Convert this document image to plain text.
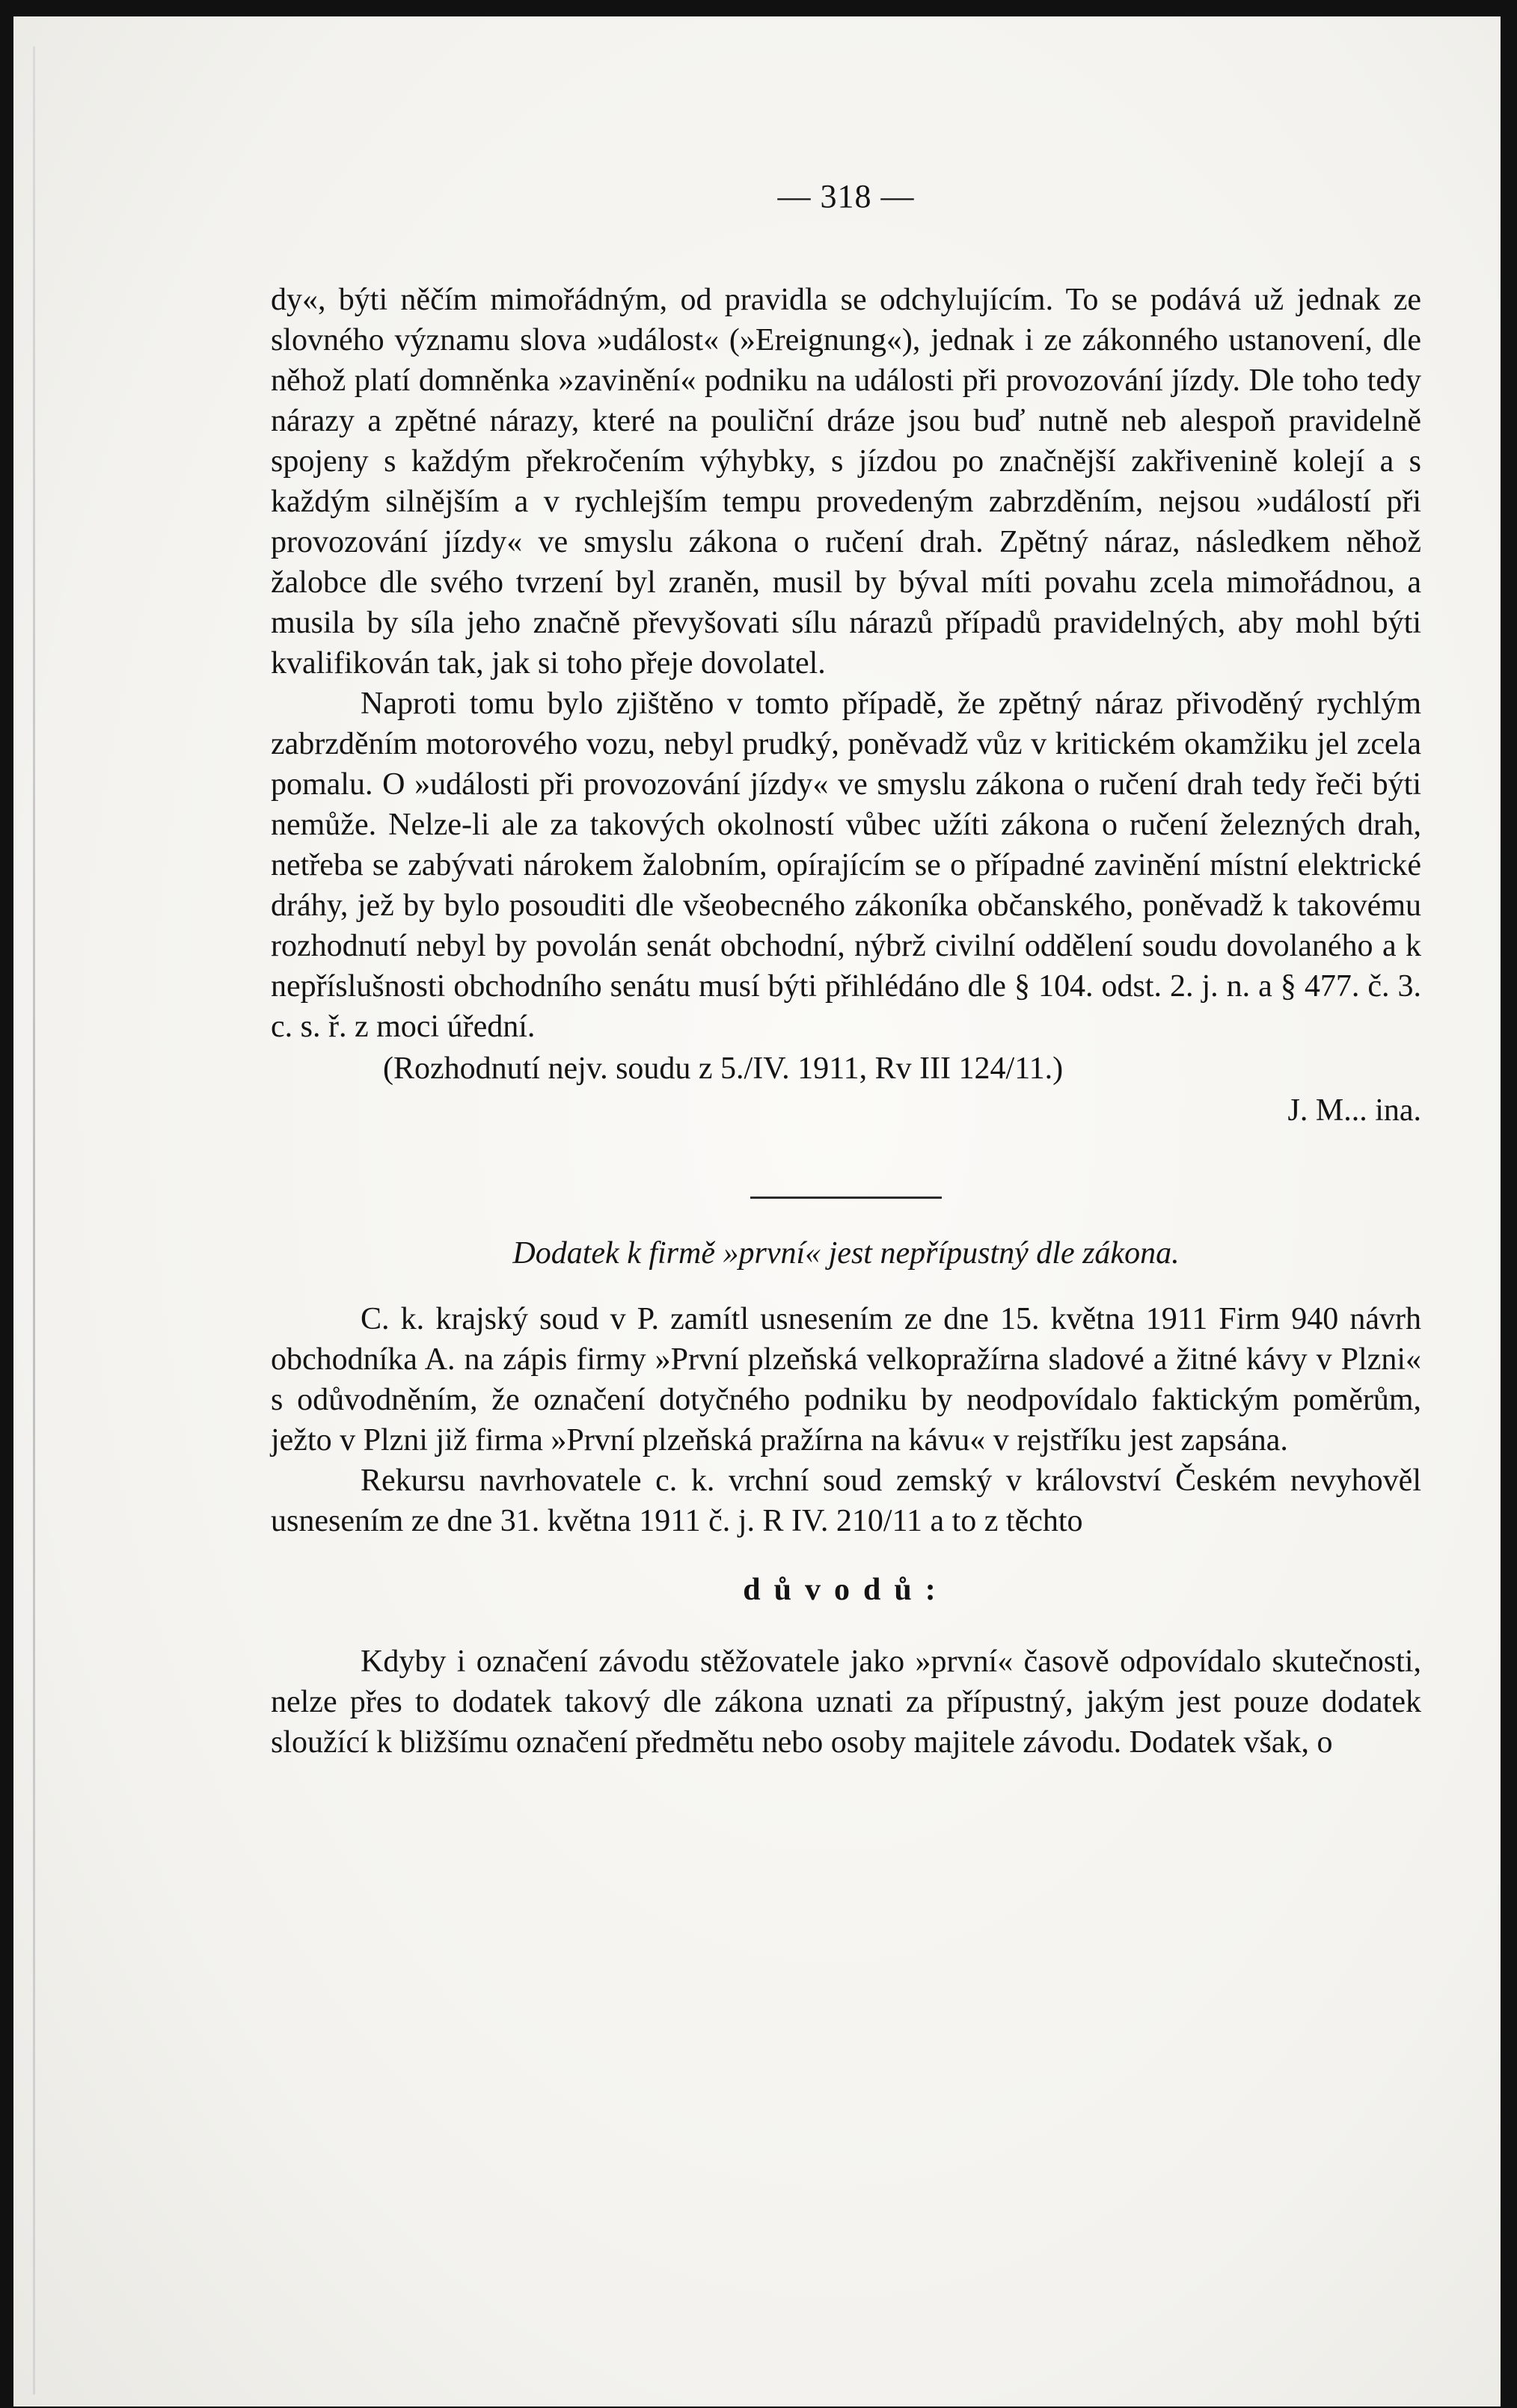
— 318 —

dy«, býti něčím mimořádným, od pravidla se odchylujícím. To se podává už jednak ze slovného významu slova »událost« (»Ereignung«), jednak i ze zákonného ustanovení, dle něhož platí domněnka »zavinění« podniku na události při provozování jízdy. Dle toho tedy nárazy a zpětné nárazy, které na pouliční dráze jsou buď nutně neb alespoň pravidelně spojeny s každým překročením výhybky, s jízdou po značnější zakřivenině kolejí a s každým silnějším a v rychlejším tempu provedeným zabrzděním, nejsou »událostí při provozování jízdy« ve smyslu zákona o ručení drah. Zpětný náraz, následkem něhož žalobce dle svého tvrzení byl zraněn, musil by býval míti povahu zcela mimořádnou, a musila by síla jeho značně převyšovati sílu nárazů případů pravidelných, aby mohl býti kvalifikován tak, jak si toho přeje dovolatel.

Naproti tomu bylo zjištěno v tomto případě, že zpětný náraz přivoděný rychlým zabrzděním motorového vozu, nebyl prudký, poněvadž vůz v kritickém okamžiku jel zcela pomalu. O »události při provozování jízdy« ve smyslu zákona o ručení drah tedy řeči býti nemůže. Nelze-li ale za takových okolností vůbec užíti zákona o ručení železných drah, netřeba se zabývati nárokem žalobním, opírajícím se o případné zavinění místní elektrické dráhy, jež by bylo posouditi dle všeobecného zákoníka občanského, poněvadž k takovému rozhodnutí nebyl by povolán senát obchodní, nýbrž civilní oddělení soudu dovolaného a k nepříslušnosti obchodního senátu musí býti přihlédáno dle § 104. odst. 2. j. n. a § 477. č. 3. c. s. ř. z moci úřední.

(Rozhodnutí nejv. soudu z 5./IV. 1911, Rv III 124/11.)

J. M... ina.

Dodatek k firmě »první« jest nepřípustný dle zákona.

C. k. krajský soud v P. zamítl usnesením ze dne 15. května 1911 Firm 940 návrh obchodníka A. na zápis firmy »První plzeňská velkopražírna sladové a žitné kávy v Plzni« s odůvodněním, že označení dotyčného podniku by neodpovídalo faktickým poměrům, ježto v Plzni již firma »První plzeňská pražírna na kávu« v rejstříku jest zapsána.

Rekursu navrhovatele c. k. vrchní soud zemský v království Českém nevyhověl usnesením ze dne 31. května 1911 č. j. R IV. 210/11 a to z těchto

důvodů:

Kdyby i označení závodu stěžovatele jako »první« časově odpovídalo skutečnosti, nelze přes to dodatek takový dle zákona uznati za přípustný, jakým jest pouze dodatek sloužící k bližšímu označení předmětu nebo osoby majitele závodu. Dodatek však, o
